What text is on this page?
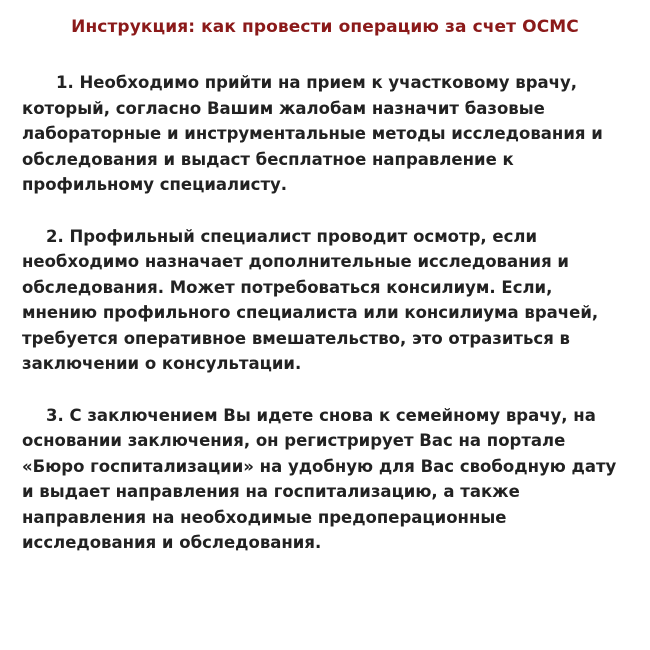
Инструкция: как провести операцию за счет ОСМС

1. Необходимо прийти на прием к участковому врачу, который, согласно Вашим жалобам назначит базовые лабораторные и инструментальные методы исследования и обследования и выдаст бесплатное направление к профильному специалисту.

2. Профильный специалист проводит осмотр, если необходимо назначает дополнительные исследования и обследования. Может потребоваться консилиум. Если, мнению профильного специалиста или консилиума врачей, требуется оперативное вмешательство, это отразиться в заключении о консультации.

3. С заключением Вы идете снова к семейному врачу, на основании заключения, он регистрирует Вас на портале «Бюро госпитализации» на удобную для Вас свободную дату и выдает направления на госпитализацию, а также направления на необходимые предоперационные исследования и обследования.
